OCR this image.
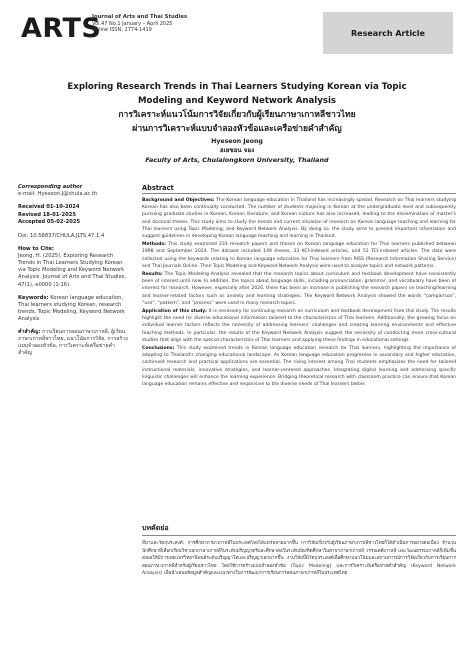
ARTS
Journal of Arts and Thai Studies
Vol.47 No.1 January – April 2025
Online ISSN: 2774-1419	Research Article
Exploring Research Trends in Thai Learners Studying Korean via Topic
Modeling and Keyword Network Analysis
การวิเคราะห์แนวโน้มการวิจัยเกี่ยวกับผู้เรียนภาษาเกาหลีชาวไทย
ผ่านการวิเคราะห์แบบจำลองหัวข้อและเครือข่ายคำสำคัญ
Hyeseon Jeong
ฮเยซอน จอง
Faculty of Arts, Chulalongkorn University, Thailand
Corresponding author
e-mail: Hyeseon.J@chula.ac.th
Received 01-10-2024
Revised 18-01-2025
Accepted 05-02-2025
Doi: 10.58837/CHULA.JLTS.47.1.4
How to Cite:
Jeong, H. (2025). Exploring Research Trends in Thai Learners Studying Korean via Topic Modeling and Keyword Network Analysis. Journal of Arts and Thai Studies, 47(1), e0000 (1-16).
Keywords: Korean language education, Thai learners studying Korean, research trends, Topic Modeling, Keyword Network Analysis
คำสำคัญ: การเรียนการสอนภาษาเกาหลี, ผู้เรียนภาษาเกาหลีชาวไทย, แนวโน้มการวิจัย, การสร้างแบบจำลองหัวข้อ, การวิเคราะห์เครือข่ายคำสำคัญ
Abstract

Background and Objectives: The Korean language education in Thailand has increasingly spread. Research on Thai learners studying Korean has also been continually conducted. The number of students majoring in Korean at the undergraduate level and subsequently pursuing graduate studies in Korean, Korean literature, and Korean culture has also increased, leading to the dissemination of master's and doctoral theses. This study aims to study the trends and current situation of research on Korean language teaching and learning for Thai learners using Topic Modeling, and Keyword Network Analysis. By doing so, the study aims to present important information and suggest guidelines in developing Korean language teaching and learning in Thailand.

Methods: This study examined 233 research papers and theses on Korean language education for Thai learners published between 1998 and September 2024. The dataset included 149 theses, 33 KCI-indexed articles, and 51 TCI-indexed articles. The data were collected using the keywords relating to Korean language education for Thai learners from RISS (Research Information Sharing Service) and Thai Journals Online. Then Topic Modeling and Keyword Network Analysis were used to analyze topics and network patterns.

Results: The Topic Modeling Analysis revealed that the research topics about curriculum and textbook development have consistently been of interest until now. In addition, the topics about language skills, including pronunciation, grammar, and vocabulary have been of interest for research. However, especially after 2020, there has been an increase in publishing the research papers on teaching/learning and learner-related factors such as anxiety and learning strategies. The Keyword Network Analysis showed the words “comparison”, “use”, “pattern”, and “process” were used in many research topics.

Application of this study: It is necessary for continuing research on curriculum and textbook development from this study. The results highlight the need for diverse educational information tailored to the characteristics of Thai learners. Additionally, the growing focus on individual learner factors reflects the necessity of addressing learners' challenges and creating learning environments and effective teaching methods. In particular, the results of the Keyword Network Analysis suggest the necessity of conducting more cross-cultural studies that align with the special characteristics of Thai learners and applying these findings in educational settings.

Conclusions: This study examined trends in Korean language education research for Thai learners, highlighting the importance of adapting to Thailand's changing educational landscape. As Korean language education progresses in secondary and higher education, continued research and practical applications are essential. The rising interest among Thai students emphasizes the need for tailored instructional materials, innovative strategies, and learner-centered approaches. Integrating digital learning and addressing specific linguistic challenges will enhance the learning experience. Bridging theoretical research with classroom practice can ensure that Korean language education remains effective and responsive to the diverse needs of Thai learners better.

บทคัดย่อ
ที่มาและวัตถุประสงค์: การศึกษาภาษาเกาหลีในประเทศไทยได้แพร่หลายมากขึ้น การวิจัยเกี่ยวกับผู้เรียนภาษาเกาหลีชาวไทยก็ได้ดำเนินการอย่างต่อเนื่อง จำนวนนักศึกษาที่เลือกเรียนวิชาเอกภาษาเกาหลีในระดับปริญญาตรีและศึกษาต่อในระดับบัณฑิตศึกษาในสาขาภาษาเกาหลี วรรณคดีเกาหลี และวัฒนธรรมเกาหลีก็เพิ่มขึ้น ส่งผลให้มีการเผยแพร่วิทยานิพนธ์ระดับปริญญาโทและปริญญาเอกมากขึ้น งานวิจัยนี้มีวัตถุประสงค์เพื่อศึกษาแนวโน้มและสถานการณ์การวิจัยเกี่ยวกับการเรียนการสอนภาษาเกาหลีสำหรับผู้เรียนชาวไทย โดยใช้การสร้างแบบจำลองหัวข้อ (Topic Modeling) และการวิเคราะห์เครือข่ายคำสำคัญ (Keyword Network Analysis) เพื่อนำเสนอข้อมูลสำคัญและแนวทางในการพัฒนาการเรียนการสอนภาษาเกาหลีในประเทศไทย
